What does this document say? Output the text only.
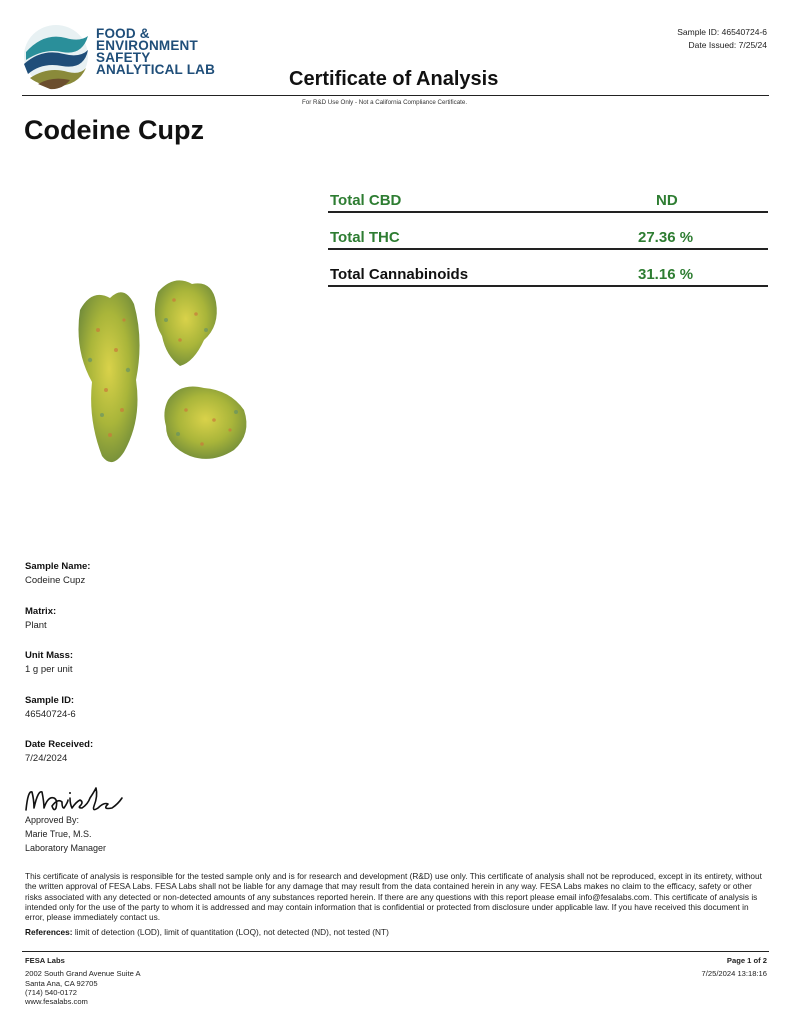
FOOD &
ENVIRONMENT
SAFETY
ANALYTICAL LAB
Sample ID: 46540724-6
Date Issued: 7/25/24
Certificate of Analysis
For R&D Use Only - Not a California Compliance Certificate.
Codeine Cupz
Total CBD	ND
Total THC	27.36 %
Total Cannabinoids	31.16 %
Sample Name:
Codeine Cupz
Matrix:
Plant
Unit Mass:
1 g per unit
Sample ID:
46540724-6
Date Received:
7/24/2024
Approved By:
Marie True, M.S.
Laboratory Manager
This certificate of analysis is responsible for the tested sample only and is for research and development (R&D) use only. This certificate of analysis shall not be reproduced, except in its entirety, without the written approval of FESA Labs. FESA Labs shall not be liable for any damage that may result from the data contained herein in any way. FESA Labs makes no claim to the efficacy, safety or other risks associated with any detected or non-detected amounts of any substances reported herein. If there are any questions with this report please email info@fesalabs.com. This certificate of analysis is intended only for the use of the party to whom it is addressed and may contain information that is confidential or protected from disclosure under applicable law. If you have received this document in error, please immediately contact us.
References: limit of detection (LOD), limit of quantitation (LOQ), not detected (ND), not tested (NT)
FESA Labs
2002 South Grand Avenue Suite A
Santa Ana, CA 92705
(714) 540-0172
www.fesalabs.com
Page 1 of 2
7/25/2024 13:18:16
